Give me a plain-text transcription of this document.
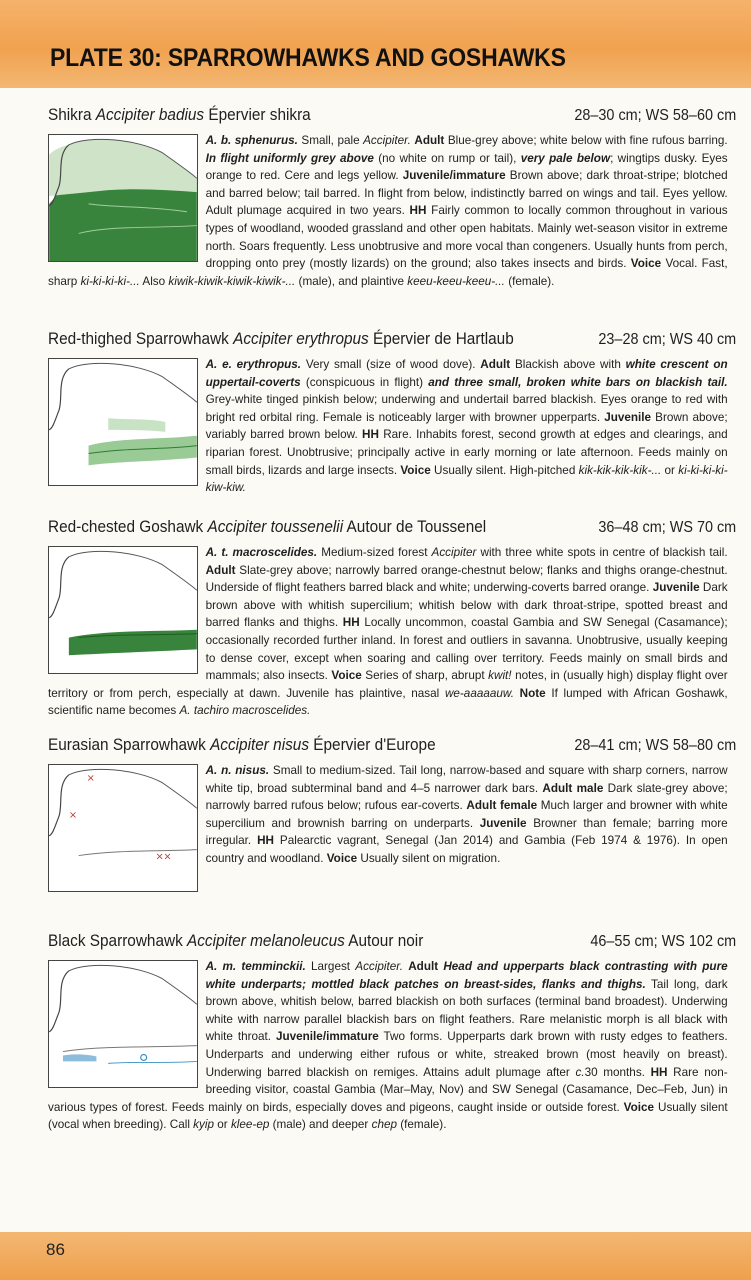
PLATE 30: SPARROWHAWKS AND GOSHAWKS
Shikra Accipiter badius Épervier shikra	28–30 cm; WS 58–60 cm
A. b. sphenurus. Small, pale Accipiter. Adult Blue-grey above; white below with fine rufous barring. In flight uniformly grey above (no white on rump or tail), very pale below; wingtips dusky. Eyes orange to red. Cere and legs yellow. Juvenile/immature Brown above; dark throat-stripe; blotched and barred below; tail barred. In flight from below, indistinctly barred on wings and tail. Eyes yellow. Adult plumage acquired in two years. HH Fairly common to locally common throughout in various types of woodland, wooded grassland and other open habitats. Mainly wet-season visitor in extreme north. Soars frequently. Less unobtrusive and more vocal than congeners. Usually hunts from perch, dropping onto prey (mostly lizards) on the ground; also takes insects and birds. Voice Vocal. Fast, sharp ki-ki-ki-ki-... Also kiwik-kiwik-kiwik-kiwik-... (male), and plaintive keeu-keeu-keeu-... (female).
Red-thighed Sparrowhawk Accipiter erythropus Épervier de Hartlaub	23–28 cm; WS 40 cm
A. e. erythropus. Very small (size of wood dove). Adult Blackish above with white crescent on uppertail-coverts (conspicuous in flight) and three small, broken white bars on blackish tail. Grey-white tinged pinkish below; underwing and undertail barred blackish. Eyes orange to red with bright red orbital ring. Female is noticeably larger with browner upperparts. Juvenile Brown above; variably barred brown below. HH Rare. Inhabits forest, second growth at edges and clearings, and riparian forest. Unobtrusive; principally active in early morning or late afternoon. Feeds mainly on small birds, lizards and large insects. Voice Usually silent. High-pitched kik-kik-kik-kik-... or ki-ki-ki-ki-kiw-kiw.
Red-chested Goshawk Accipiter toussenelii Autour de Toussenel	36–48 cm; WS 70 cm
A. t. macroscelides. Medium-sized forest Accipiter with three white spots in centre of blackish tail. Adult Slate-grey above; narrowly barred orange-chestnut below; flanks and thighs orange-chestnut. Underside of flight feathers barred black and white; underwing-coverts barred orange. Juvenile Dark brown above with whitish supercilium; whitish below with dark throat-stripe, spotted breast and barred flanks and thighs. HH Locally uncommon, coastal Gambia and SW Senegal (Casamance); occasionally recorded further inland. In forest and outliers in savanna. Unobtrusive, usually keeping to dense cover, except when soaring and calling over territory. Feeds mainly on small birds and mammals; also insects. Voice Series of sharp, abrupt kwit! notes, in (usually high) display flight over territory or from perch, especially at dawn. Juvenile has plaintive, nasal we-aaaaauw. Note If lumped with African Goshawk, scientific name becomes A. tachiro macroscelides.
Eurasian Sparrowhawk Accipiter nisus Épervier d'Europe	28–41 cm; WS 58–80 cm
×
×
× ×
A. n. nisus. Small to medium-sized. Tail long, narrow-based and square with sharp corners, narrow white tip, broad subterminal band and 4–5 narrower dark bars. Adult male Dark slate-grey above; narrowly barred rufous below; rufous ear-coverts. Adult female Much larger and browner with white supercilium and brownish barring on underparts. Juvenile Browner than female; barring more irregular. HH Palearctic vagrant, Senegal (Jan 2014) and Gambia (Feb 1974 & 1976). In open country and woodland. Voice Usually silent on migration.
Black Sparrowhawk Accipiter melanoleucus Autour noir	46–55 cm; WS 102 cm
A. m. temminckii. Largest Accipiter. Adult Head and upperparts black contrasting with pure white underparts; mottled black patches on breast-sides, flanks and thighs. Tail long, dark brown above, whitish below, barred blackish on both surfaces (terminal band broadest). Underwing white with narrow parallel blackish bars on flight feathers. Rare melanistic morph is all black with white throat. Juvenile/immature Two forms. Upperparts dark brown with rusty edges to feathers. Underparts and underwing either rufous or white, streaked brown (most heavily on breast). Underwing barred blackish on remiges. Attains adult plumage after c.30 months. HH Rare non-breeding visitor, coastal Gambia (Mar–May, Nov) and SW Senegal (Casamance, Dec–Feb, Jun) in various types of forest. Feeds mainly on birds, especially doves and pigeons, caught inside or outside forest. Voice Usually silent (vocal when breeding). Call kyip or klee-ep (male) and deeper chep (female).
86
